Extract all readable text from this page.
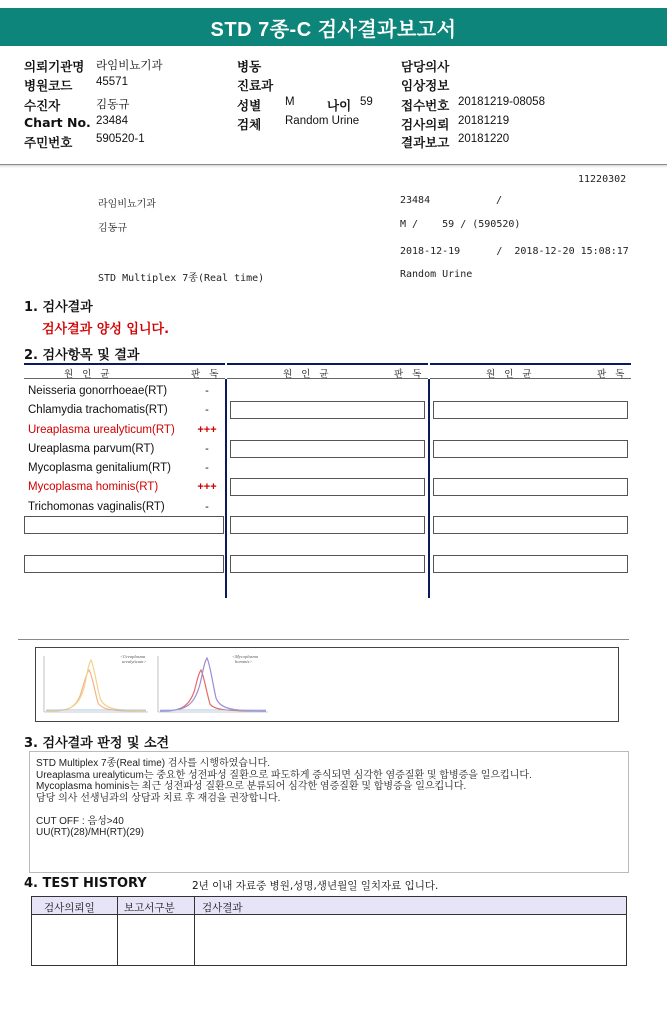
STD 7종-C 검사결과보고서
의뢰기관명 라임비뇨기과
병원코드 45571
수진자	김동규
Chart No. 23484
주민번호 590520-1
병동
진료과
성별 M	나이 59
검체 Random Urine
담당의사
임상정보
접수번호 20181219-08058
검사의뢰 20181219
결과보고 20181220
11220302
라임비뇨기과	23484	/
김동규	M /    59 / (590520)
2018-12-19      /  2018-12-20 15:08:17
STD Multiplex 7종(Real time)	Random Urine
1. 검사결과
검사결과 양성 입니다.
2. 검사항목 및 결과
원 인 균	판 독	원 인 균	판 독	원 인 균	판 독
Neisseria gonorrhoeae(RT)	-
Chlamydia trachomatis(RT)	-
Ureaplasma urealyticum(RT)	+++
Ureaplasma parvum(RT)	-
Mycoplasma genitalium(RT)	-
Mycoplasma hominis(RT)	+++
Trichomonas vaginalis(RT)	-
<Ureaplasma
urealyticum>
<Mycoplasma
hominis>
3. 검사결과 판정 및 소견
STD Multiplex 7종(Real time) 검사를 시행하였습니다.
Ureaplasma urealyticum는 중요한 성전파성 질환으로 파도하게 증식되면 심각한 염증질환 및 합병증을 일으킵니다.
Mycoplasma hominis는 최근 성전파성 질환으로 분류되어 심각한 염증질환 및 합병증을 일으킵니다.
담당 의사 선생님과의 상담과 치료 후 재검을 권장합니다.
CUT OFF : 음성>40
UU(RT)(28)/MH(RT)(29)
4. TEST HISTORY	2년 이내 자료중 병원,성명,생년월일 일치자료 입니다.
검사의뢰일	보고서구분	검사결과
